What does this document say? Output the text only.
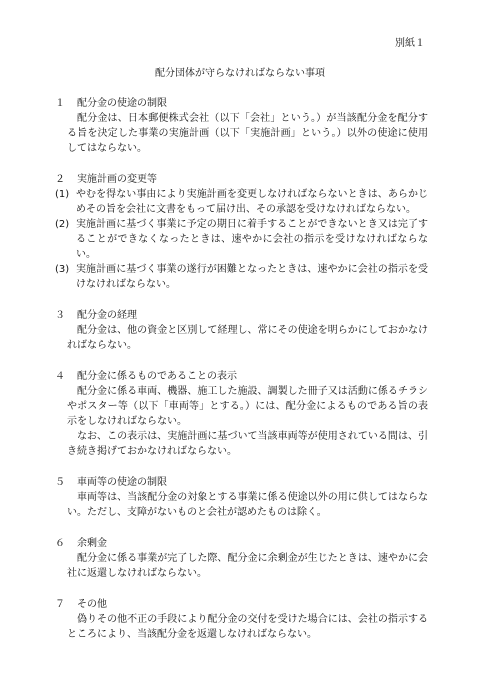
別紙１
配分団体が守らなければならない事項
１	配分金の使途の制限

配分金は、日本郵便株式会社（以下「会社」という。）が当該配分金を配分する旨を決定した事業の実施計画（以下「実施計画」という。）以外の使途に使用してはならない。

２	実施計画の変更等
(1) やむを得ない事由により実施計画を変更しなければならないときは、あらかじめその旨を会社に文書をもって届け出、その承認を受けなければならない。
(2) 実施計画に基づく事業に予定の期日に着手することができないとき又は完了することができなくなったときは、速やかに会社の指示を受けなければならない。
(3) 実施計画に基づく事業の遂行が困難となったときは、速やかに会社の指示を受けなければならない。
３	配分金の経理

配分金は、他の資金と区別して経理し、常にその使途を明らかにしておかなければならない。

４	配分金に係るものであることの表示

配分金に係る車両、機器、施工した施設、調製した冊子又は活動に係るチラシやポスター等（以下「車両等」とする。）には、配分金によるものである旨の表示をしなければならない。

なお、この表示は、実施計画に基づいて当該車両等が使用されている間は、引き続き掲げておかなければならない。

５	車両等の使途の制限

車両等は、当該配分金の対象とする事業に係る使途以外の用に供してはならない。ただし、支障がないものと会社が認めたものは除く。

６	余剰金

配分金に係る事業が完了した際、配分金に余剰金が生じたときは、速やかに会社に返還しなければならない。

７	その他

偽りその他不正の手段により配分金の交付を受けた場合には、会社の指示するところにより、当該配分金を返還しなければならない。
